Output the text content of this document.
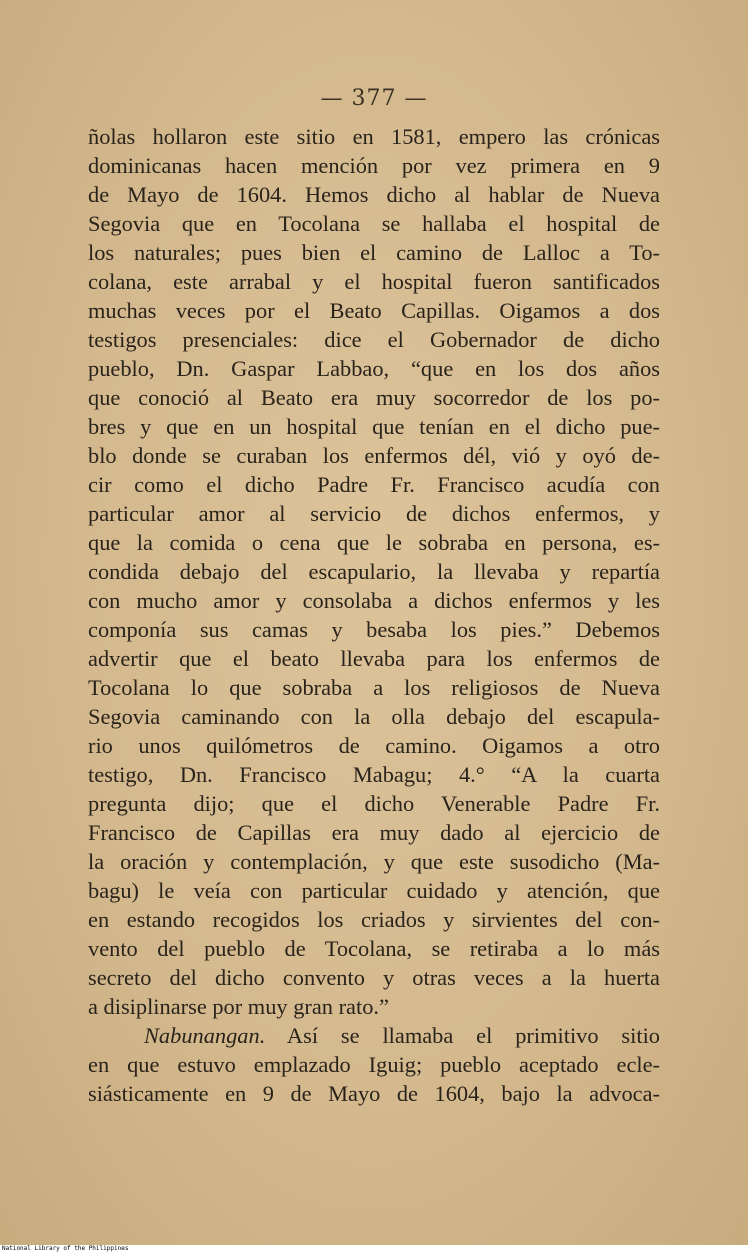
— 377 —
ñolas hollaron este sitio en 1581, empero las crónicas
dominicanas hacen mención por vez primera en 9
de Mayo de 1604. Hemos dicho al hablar de Nueva
Segovia que en Tocolana se hallaba el hospital de
los naturales; pues bien el camino de Lalloc a To-
colana, este arrabal y el hospital fueron santificados
muchas veces por el Beato Capillas. Oigamos a dos
testigos presenciales: dice el Gobernador de dicho
pueblo, Dn. Gaspar Labbao, “que en los dos años
que conoció al Beato era muy socorredor de los po-
bres y que en un hospital que tenían en el dicho pue-
blo donde se curaban los enfermos dél, vió y oyó de-
cir como el dicho Padre Fr. Francisco acudía con
particular amor al servicio de dichos enfermos, y
que la comida o cena que le sobraba en persona, es-
condida debajo del escapulario, la llevaba y repartía
con mucho amor y consolaba a dichos enfermos y les
componía sus camas y besaba los pies.” Debemos
advertir que el beato llevaba para los enfermos de
Tocolana lo que sobraba a los religiosos de Nueva
Segovia caminando con la olla debajo del escapula-
rio unos quilómetros de camino. Oigamos a otro
testigo, Dn. Francisco Mabagu; 4.° “A la cuarta
pregunta dijo; que el dicho Venerable Padre Fr.
Francisco de Capillas era muy dado al ejercicio de
la oración y contemplación, y que este susodicho (Ma-
bagu) le veía con particular cuidado y atención, que
en estando recogidos los criados y sirvientes del con-
vento del pueblo de Tocolana, se retiraba a lo más
secreto del dicho convento y otras veces a la huerta
a disiplinarse por muy gran rato.”
Nabunangan. Así se llamaba el primitivo sitio
en que estuvo emplazado Iguig; pueblo aceptado ecle-
siásticamente en 9 de Mayo de 1604, bajo la advoca-
National Library of the Philippines
